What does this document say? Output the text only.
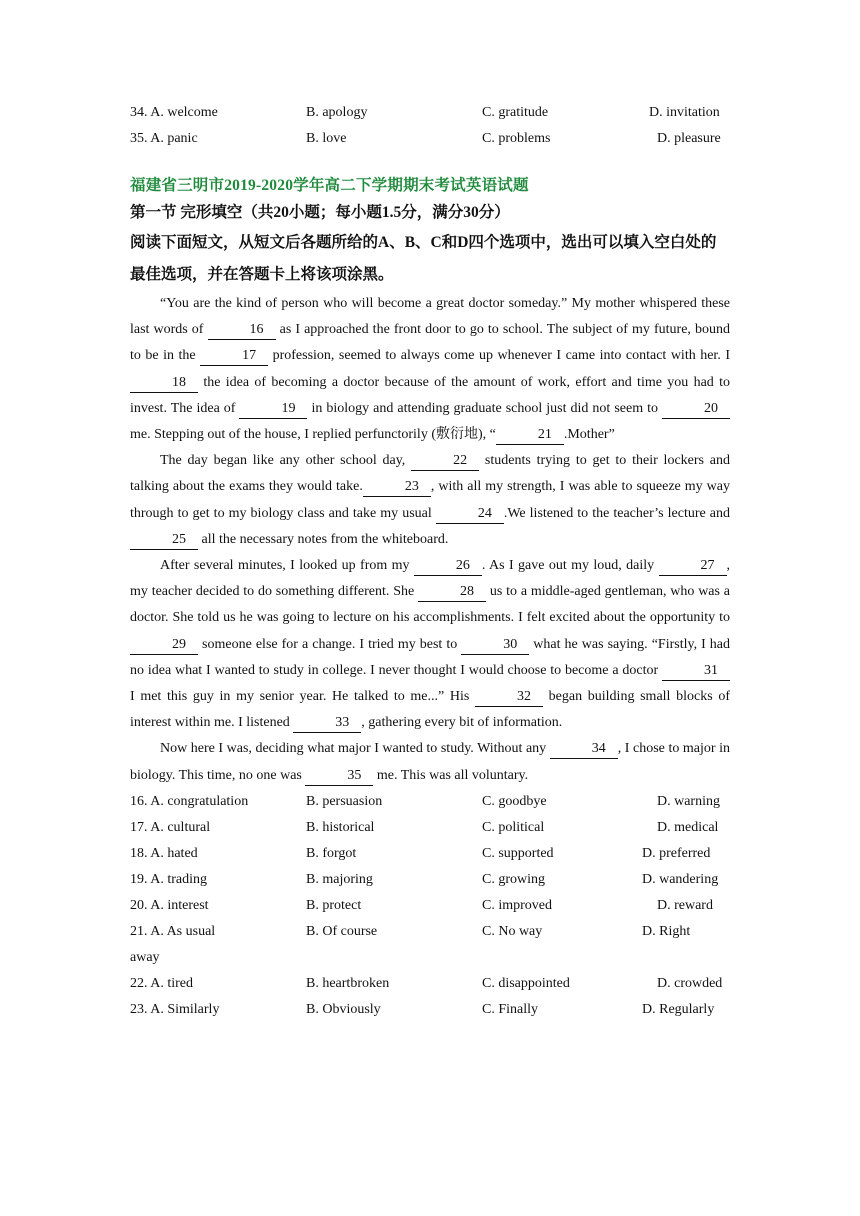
34. A. welcome	B. apology	C. gratitude	D. invitation
35. A. panic	B. love	C. problems	D. pleasure
福建省三明市2019-2020学年高二下学期期末考试英语试题
第一节 完形填空（共20小题；每小题1.5分，满分30分）
阅读下面短文，从短文后各题所给的A、B、C和D四个选项中，选出可以填入空白处的最佳选项，并在答题卡上将该项涂黑。

“You are the kind of person who will become a great doctor someday.” My mother whispered these last words of	16 as I approached the front door to go to school. The subject of my future, bound to be in the	17 profession, seemed to always come up whenever I came into contact with her. I 18 the idea of becoming a doctor because of the amount of work, effort and time you had to invest. The idea of	19 in biology and attending graduate school just did not seem to	20 me. Stepping out of the house, I replied perfunctorily (敷衍地), “	21 .Mother”

The day began like any other school day,	22 students trying to get to their lockers and talking about the exams they would take.	23 , with all my strength, I was able to squeeze my way through to get to my biology class and take my usual	24 .We listened to the teacher’s lecture and 25 all the necessary notes from the whiteboard.

After several minutes, I looked up from my	26 . As I gave out my loud, daily	27 , my teacher decided to do something different. She	28 us to a middle-aged gentleman, who was a doctor. She told us he was going to lecture on his accomplishments. I felt excited about the opportunity to 29 someone else for a change. I tried my best to	30 what he was saying. “Firstly, I had no idea what I wanted to study in college. I never thought I would choose to become a doctor	31 I met this guy in my senior year. He talked to me...” His	32 began building small blocks of interest within me. I listened	33 , gathering every bit of information.

Now here I was, deciding what major I wanted to study. Without any	34 , I chose to major in biology. This time, no one was	35 me. This was all voluntary.

16. A. congratulation	B. persuasion	C. goodbye	D. warning
17. A. cultural	B. historical	C. political	D. medical
18. A. hated	B. forgot	C. supported	D. preferred
19. A. trading	B. majoring	C. growing	D. wandering
20. A. interest	B. protect	C. improved	D. reward
21. A. As usual	B. Of course	C. No way	D. Right
away
22. A. tired	B. heartbroken	C. disappointed	D. crowded
23. A. Similarly	B. Obviously	C. Finally	D. Regularly
